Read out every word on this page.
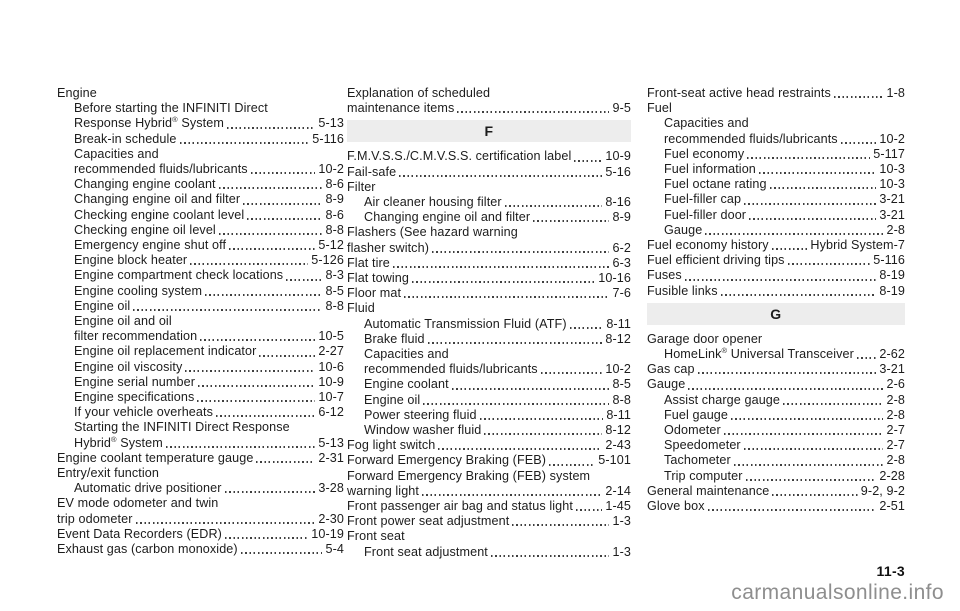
Engine
Before starting the INFINITI Direct
Response Hybrid® System	5-13
Break-in schedule	5-116
Capacities and
recommended fluids/lubricants	10-2
Changing engine coolant	8-6
Changing engine oil and filter	8-9
Checking engine coolant level	8-6
Checking engine oil level	8-8
Emergency engine shut off	5-12
Engine block heater	5-126
Engine compartment check locations	8-3
Engine cooling system	8-5
Engine oil	8-8
Engine oil and oil
filter recommendation	10-5
Engine oil replacement indicator	2-27
Engine oil viscosity	10-6
Engine serial number	10-9
Engine specifications	10-7
If your vehicle overheats	6-12
Starting the INFINITI Direct Response
Hybrid® System	5-13
Engine coolant temperature gauge	2-31
Entry/exit function
Automatic drive positioner	3-28
EV mode odometer and twin
trip odometer	2-30
Event Data Recorders (EDR)	10-19
Exhaust gas (carbon monoxide)	5-4
Explanation of scheduled
maintenance items	9-5
F
F.M.V.S.S./C.M.V.S.S. certification label	10-9
Fail-safe	5-16
Filter
Air cleaner housing filter	8-16
Changing engine oil and filter	8-9
Flashers (See hazard warning
flasher switch)	6-2
Flat tire	6-3
Flat towing	10-16
Floor mat	7-6
Fluid
Automatic Transmission Fluid (ATF)	8-11
Brake fluid	8-12
Capacities and
recommended fluids/lubricants	10-2
Engine coolant	8-5
Engine oil	8-8
Power steering fluid	8-11
Window washer fluid	8-12
Fog light switch	2-43
Forward Emergency Braking (FEB)	5-101
Forward Emergency Braking (FEB) system
warning light	2-14
Front passenger air bag and status light	1-45
Front power seat adjustment	1-3
Front seat
Front seat adjustment	1-3
Front-seat active head restraints	1-8
Fuel
Capacities and
recommended fluids/lubricants	10-2
Fuel economy	5-117
Fuel information	10-3
Fuel octane rating	10-3
Fuel-filler cap	3-21
Fuel-filler door	3-21
Gauge	2-8
Fuel economy history	Hybrid System-7
Fuel efficient driving tips	5-116
Fuses	8-19
Fusible links	8-19
G
Garage door opener
HomeLink® Universal Transceiver 2-62
Gas cap	3-21
Gauge	2-6
Assist charge gauge	2-8
Fuel gauge	2-8
Odometer	2-7
Speedometer	2-7
Tachometer	2-8
Trip computer	2-28
General maintenance	9-2, 9-2
Glove box	2-51
11-3
carmanualsonline.info
